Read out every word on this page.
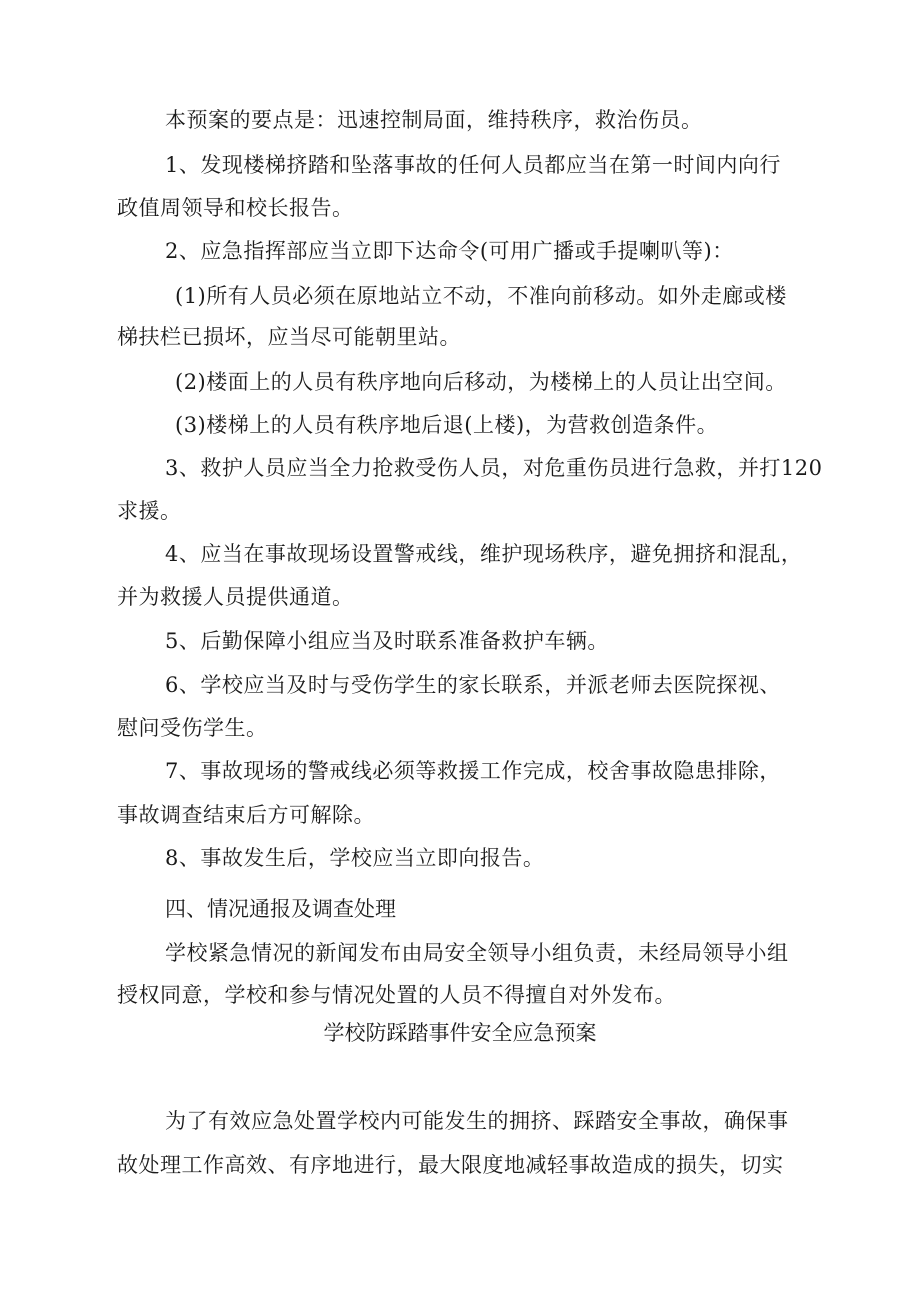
本预案的要点是：迅速控制局面，维持秩序，救治伤员。
1、发现楼梯挤踏和坠落事故的任何人员都应当在第一时间内向行
政值周领导和校长报告。
2、应急指挥部应当立即下达命令(可用广播或手提喇叭等)：
(1)所有人员必须在原地站立不动，不准向前移动。如外走廊或楼
梯扶栏已损坏，应当尽可能朝里站。
(2)楼面上的人员有秩序地向后移动，为楼梯上的人员让出空间。
(3)楼梯上的人员有秩序地后退(上楼)，为营救创造条件。
3、救护人员应当全力抢救受伤人员，对危重伤员进行急救，并打120
求援。
4、应当在事故现场设置警戒线，维护现场秩序，避免拥挤和混乱，
并为救援人员提供通道。
5、后勤保障小组应当及时联系准备救护车辆。
6、学校应当及时与受伤学生的家长联系，并派老师去医院探视、
慰问受伤学生。
7、事故现场的警戒线必须等救援工作完成，校舍事故隐患排除，
事故调查结束后方可解除。
8、事故发生后，学校应当立即向报告。
四、情况通报及调查处理
学校紧急情况的新闻发布由局安全领导小组负责，未经局领导小组
授权同意，学校和参与情况处置的人员不得擅自对外发布。
学校防踩踏事件安全应急预案
为了有效应急处置学校内可能发生的拥挤、踩踏安全事故，确保事
故处理工作高效、有序地进行，最大限度地减轻事故造成的损失，切实
